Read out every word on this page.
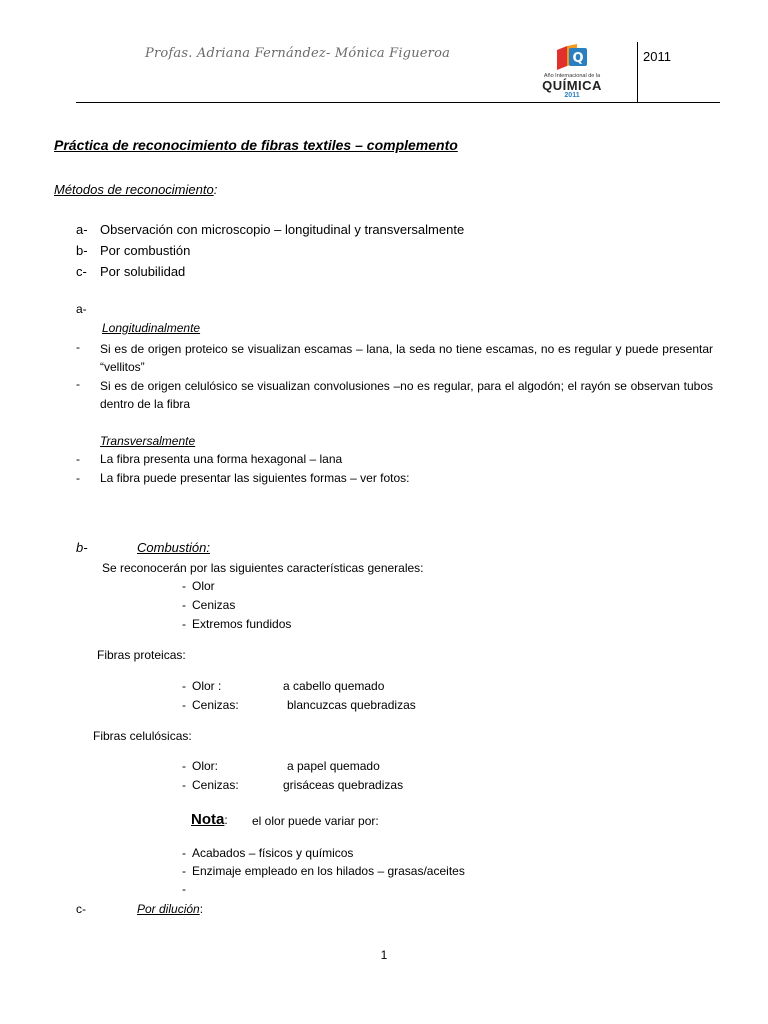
Profas. Adriana Fernández- Mónica Figueroa	Q
Año Internacional de la
QUÍMICA
2011
2011
Práctica de reconocimiento de fibras textiles – complemento
Métodos de reconocimiento:
a- Observación con microscopio – longitudinal y transversalmente
b- Por combustión
c- Por solubilidad
a-
Longitudinalmente
- Si es de origen proteico se visualizan escamas – lana, la seda no tiene escamas, no es regular y puede presentar “vellitos”
- Si es de origen celulósico se visualizan convolusiones –no es regular, para el algodón; el rayón se observan tubos dentro de la fibra
Transversalmente
- La fibra presenta una forma hexagonal – lana
- La fibra puede presentar las siguientes formas – ver fotos:
b-	Combustión:
Se reconocerán por las siguientes características generales:
- Olor
- Cenizas
- Extremos fundidos
Fibras proteicas:
- Olor :	a cabello quemado
- Cenizas:	blancuzcas quebradizas
Fibras celulósicas:
- Olor:	a papel quemado
- Cenizas:	grisáceas quebradizas
Nota: el olor puede variar por:
- Acabados – físicos y químicos
- Enzimaje empleado en los hilados – grasas/aceites
-
c-	Por dilución:
1
